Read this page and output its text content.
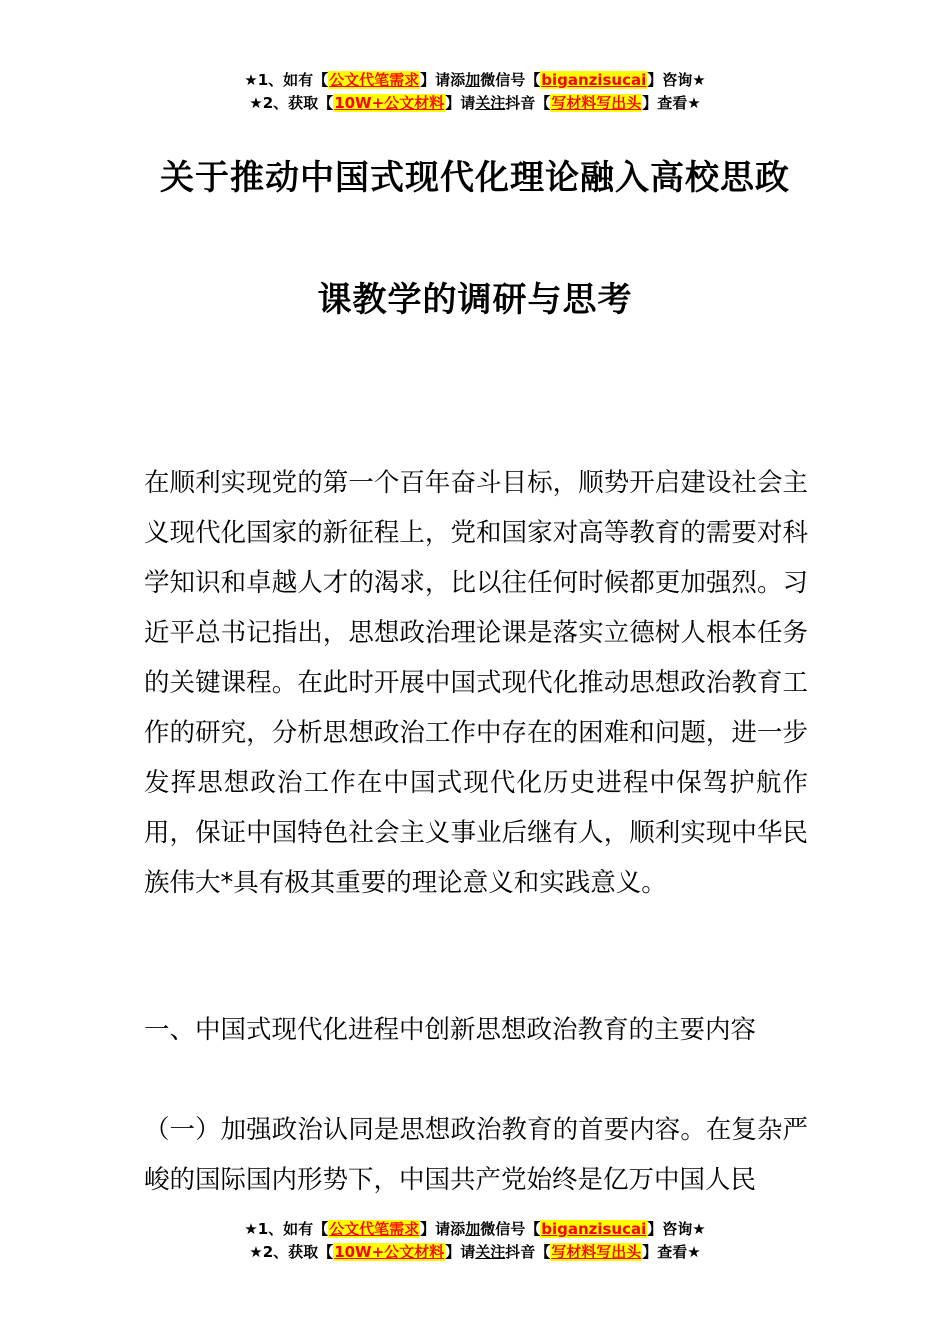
★1、如有【公文代笔需求】请添加微信号【biganzisucai】咨询★
★2、获取【10W+公文材料】请关注抖音【写材料写出头】查看★
关于推动中国式现代化理论融入高校思政
课教学的调研与思考
在顺利实现党的第一个百年奋斗目标，顺势开启建设社会主义现代化国家的新征程上，党和国家对高等教育的需要对科学知识和卓越人才的渴求，比以往任何时候都更加强烈。习近平总书记指出，思想政治理论课是落实立德树人根本任务的关键课程。在此时开展中国式现代化推动思想政治教育工作的研究，分析思想政治工作中存在的困难和问题，进一步发挥思想政治工作在中国式现代化历史进程中保驾护航作用，保证中国特色社会主义事业后继有人，顺利实现中华民族伟大*具有极其重要的理论意义和实践意义。
一、中国式现代化进程中创新思想政治教育的主要内容
（一）加强政治认同是思想政治教育的首要内容。在复杂严峻的国际国内形势下，中国共产党始终是亿万中国人民
★1、如有【公文代笔需求】请添加微信号【biganzisucai】咨询★
★2、获取【10W+公文材料】请关注抖音【写材料写出头】查看★
